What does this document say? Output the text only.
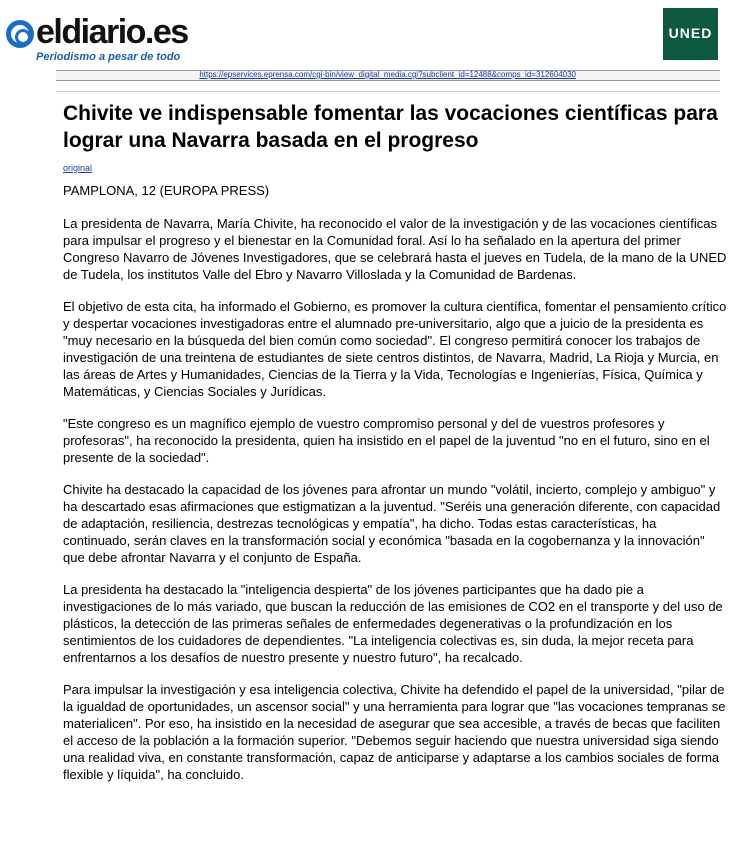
eldiario.es
Periodismo a pesar de todo
UNED
https://epservices.eprensa.com/cgi-bin/view_digital_media.cgi?subclient_id=12488&comps_id=312604030
Chivite ve indispensable fomentar las vocaciones científicas para lograr una Navarra basada en el progreso
original

PAMPLONA, 12 (EUROPA PRESS)

La presidenta de Navarra, María Chivite, ha reconocido el valor de la investigación y de las vocaciones científicas para impulsar el progreso y el bienestar en la Comunidad foral. Así lo ha señalado en la apertura del primer Congreso Navarro de Jóvenes Investigadores, que se celebrará hasta el jueves en Tudela, de la mano de la UNED de Tudela, los institutos Valle del Ebro y Navarro Villoslada y la Comunidad de Bardenas.

El objetivo de esta cita, ha informado el Gobierno, es promover la cultura científica, fomentar el pensamiento crítico y despertar vocaciones investigadoras entre el alumnado pre-universitario, algo que a juicio de la presidenta es "muy necesario en la búsqueda del bien común como sociedad". El congreso permitirá conocer los trabajos de investigación de una treintena de estudiantes de siete centros distintos, de Navarra, Madrid, La Rioja y Murcia, en las áreas de Artes y Humanidades, Ciencias de la Tierra y la Vida, Tecnologías e Ingenierías, Física, Química y Matemáticas, y Ciencias Sociales y Jurídicas.

"Este congreso es un magnífico ejemplo de vuestro compromiso personal y del de vuestros profesores y profesoras", ha reconocido la presidenta, quien ha insistido en el papel de la juventud "no en el futuro, sino en el presente de la sociedad".

Chivite ha destacado la capacidad de los jóvenes para afrontar un mundo "volátil, incierto, complejo y ambiguo" y ha descartado esas afirmaciones que estigmatizan a la juventud. "Seréis una generación diferente, con capacidad de adaptación, resiliencia, destrezas tecnológicas y empatía", ha dicho. Todas estas características, ha continuado, serán claves en la transformación social y económica "basada en la cogobernanza y la innovación" que debe afrontar Navarra y el conjunto de España.

La presidenta ha destacado la "inteligencia despierta" de los jóvenes participantes que ha dado pie a investigaciones de lo más variado, que buscan la reducción de las emisiones de CO2 en el transporte y del uso de plásticos, la detección de las primeras señales de enfermedades degenerativas o la profundización en los sentimientos de los cuidadores de dependientes. "La inteligencia colectivas es, sin duda, la mejor receta para enfrentarnos a los desafíos de nuestro presente y nuestro futuro", ha recalcado.

Para impulsar la investigación y esa inteligencia colectiva, Chivite ha defendido el papel de la universidad, "pilar de la igualdad de oportunidades, un ascensor social" y una herramienta para lograr que "las vocaciones tempranas se materialicen". Por eso, ha insistido en la necesidad de asegurar que sea accesible, a través de becas que faciliten el acceso de la población a la formación superior. "Debemos seguir haciendo que nuestra universidad siga siendo una realidad viva, en constante transformación, capaz de anticiparse y adaptarse a los cambios sociales de forma flexible y líquida", ha concluido.
